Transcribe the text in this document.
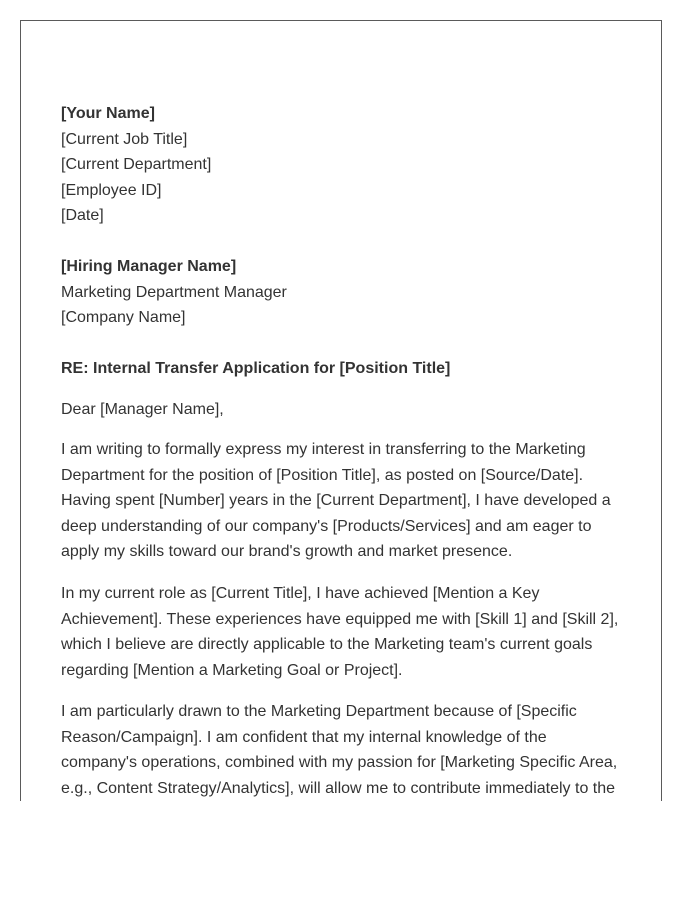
[Your Name]
[Current Job Title]
[Current Department]
[Employee ID]
[Date]
[Hiring Manager Name]
Marketing Department Manager
[Company Name]
RE: Internal Transfer Application for [Position Title]
Dear [Manager Name],
I am writing to formally express my interest in transferring to the Marketing
Department for the position of [Position Title], as posted on [Source/Date].
Having spent [Number] years in the [Current Department], I have developed a
deep understanding of our company's [Products/Services] and am eager to
apply my skills toward our brand's growth and market presence.
In my current role as [Current Title], I have achieved [Mention a Key
Achievement]. These experiences have equipped me with [Skill 1] and [Skill 2],
which I believe are directly applicable to the Marketing team's current goals
regarding [Mention a Marketing Goal or Project].
I am particularly drawn to the Marketing Department because of [Specific
Reason/Campaign]. I am confident that my internal knowledge of the
company's operations, combined with my passion for [Marketing Specific Area,
e.g., Content Strategy/Analytics], will allow me to contribute immediately to the
